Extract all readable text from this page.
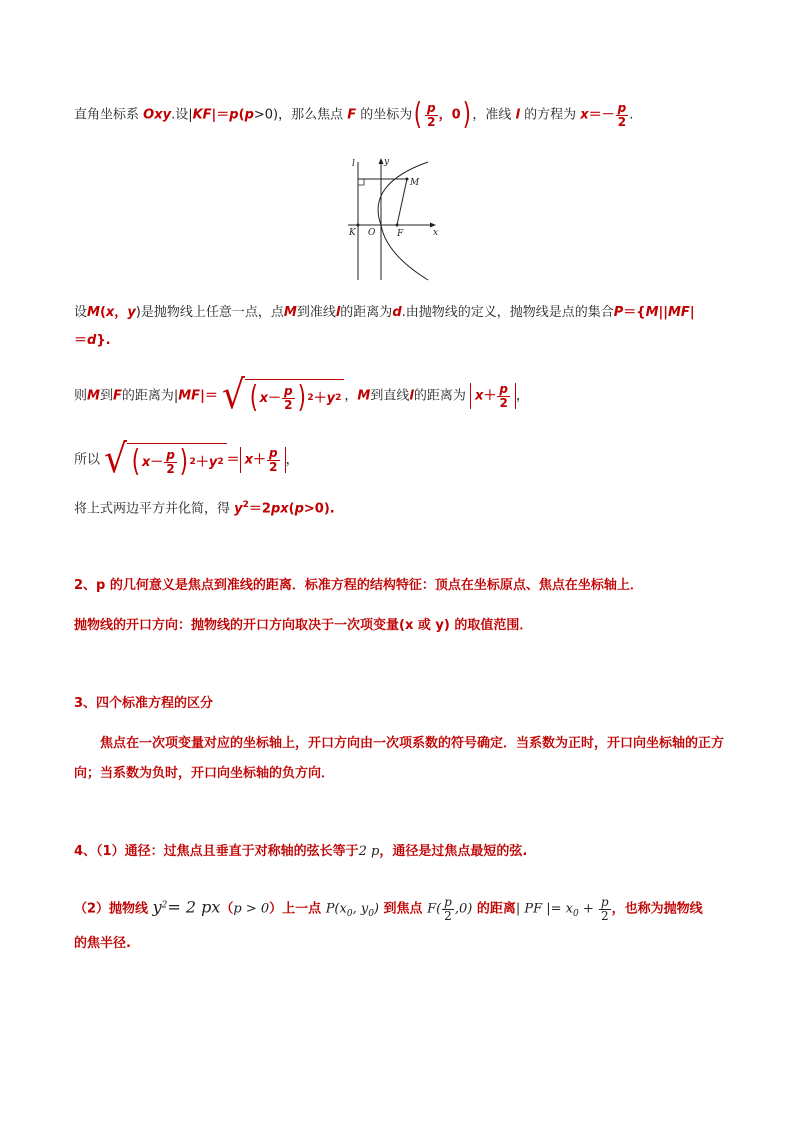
直角坐标系 Oxy.设|KF|＝p(p>0)，那么焦点 F 的坐标为( $\frac{p}{2}$ ，0) ，准线 l 的方程为 $x=- \frac{p}{2}$ .
l	y
M
K O F	x
设M(x，y)是抛物线上任意一点，点M到准线l的距离为d.由抛物线的定义，抛物线是点的集合P＝{M||MF|
＝d}.
则M到F的距离为|MF|＝ √ ( $x - \frac{p}{2}$ ) 2 ＋ y 2 ，M到直线l的距离为 $x+ \frac{p}{2}$ ，
所以 √ ( $x - \frac{p}{2}$ ) 2 ＋ y $2 = x+ \frac{p}{2}$ ，
将上式两边平方并化简，得 $y^2=2px(p>0)$.
2、p 的几何意义是焦点到准线的距离．标准方程的结构特征：顶点在坐标原点、焦点在坐标轴上．
抛物线的开口方向：抛物线的开口方向取决于一次项变量(x 或 y) 的取值范围．
3、四个标准方程的区分
焦点在一次项变量对应的坐标轴上，开口方向由一次项系数的符号确定．当系数为正时，开口向坐标轴的正方向；当系数为负时，开口向坐标轴的负方向．
4、（1）通径：过焦点且垂直于对称轴的弦长等于2 p，通径是过焦点最短的弦.
（2）抛物线 $y^2= 2$ px（p > 0）上一点 $P(x_0$, $y_0$) 到焦点 $F( \frac{p}{2} ,0)$ 的距离| PF |= $x_0 + \frac{p}{2}$ ，也称为抛物线
的焦半径.
